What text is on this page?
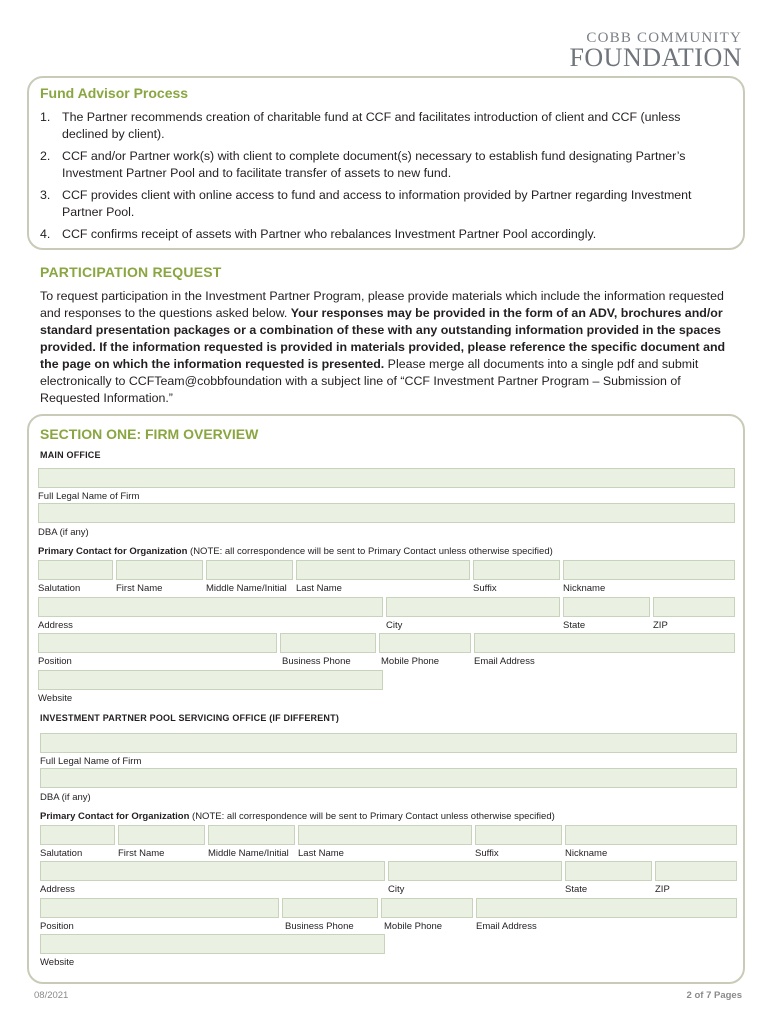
COBB COMMUNITY
FOUNDATION
Fund Advisor Process
1. The Partner recommends creation of charitable fund at CCF and facilitates introduction of client and CCF (unless declined by client).
2. CCF and/or Partner work(s) with client to complete document(s) necessary to establish fund designating Partner’s Investment Partner Pool and to facilitate transfer of assets to new fund.
3. CCF provides client with online access to fund and access to information provided by Partner regarding Investment Partner Pool.
4. CCF confirms receipt of assets with Partner who rebalances Investment Partner Pool accordingly.
PARTICIPATION REQUEST
To request participation in the Investment Partner Program, please provide materials which include the information requested and responses to the questions asked below. Your responses may be provided in the form of an ADV, brochures and/or standard presentation packages or a combination of these with any outstanding information provided in the spaces provided. If the information requested is provided in materials provided, please reference the specific document and the page on which the information requested is presented. Please merge all documents into a single pdf and submit electronically to CCFTeam@cobbfoundation with a subject line of “CCF Investment Partner Program – Submission of Requested Information.”
SECTION ONE: FIRM OVERVIEW
MAIN OFFICE
Full Legal Name of Firm
DBA (if any)
Primary Contact for Organization (NOTE: all correspondence will be sent to Primary Contact unless otherwise specified)
Salutation	First Name	Middle Name/Initial Last Name	Suffix	Nickname
Address	City	State	ZIP
Position	Business Phone	Mobile Phone	Email Address
Website
INVESTMENT PARTNER POOL SERVICING OFFICE (IF DIFFERENT)
Full Legal Name of Firm
DBA (if any)
Primary Contact for Organization (NOTE: all correspondence will be sent to Primary Contact unless otherwise specified)
Salutation	First Name	Middle Name/Initial Last Name	Suffix	Nickname
Address	City	State	ZIP
Position	Business Phone	Mobile Phone	Email Address
Website
08/2021	2 of 7 Pages
